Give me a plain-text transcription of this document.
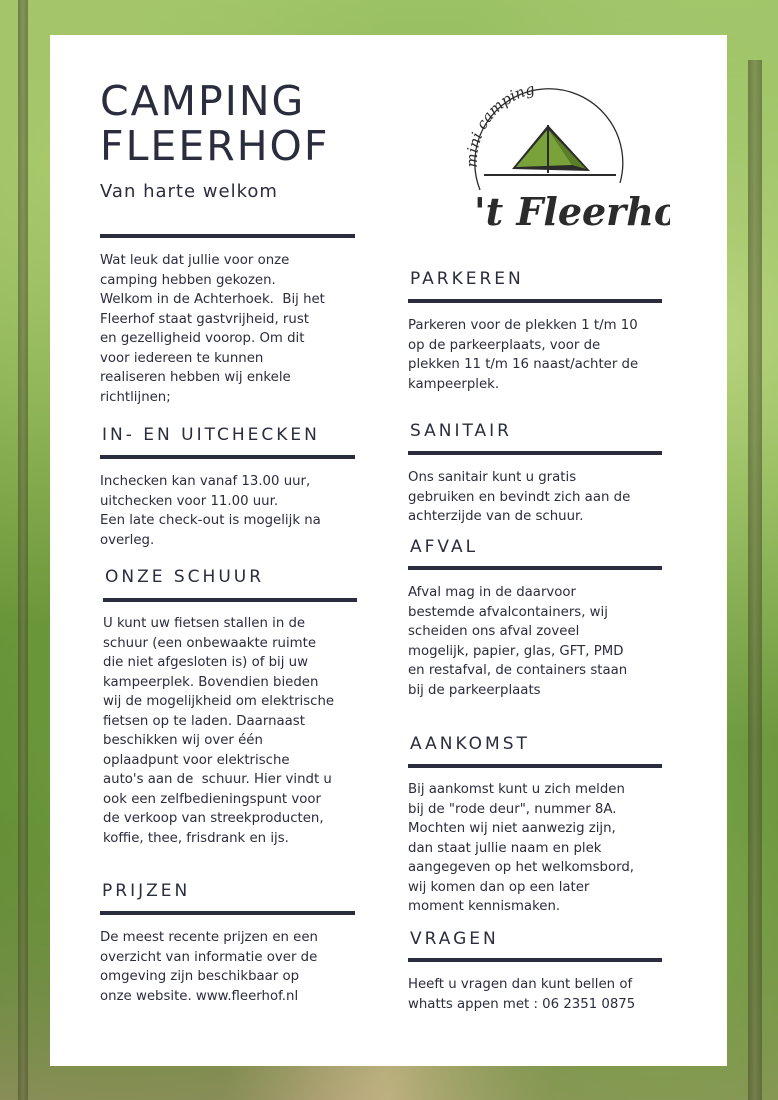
CAMPING
FLEERHOF
Van harte welkom
mini camping
't Fleerh
Wat leuk dat jullie voor onze
camping hebben gekozen.
Welkom in de Achterhoek.  Bij het
Fleerhof staat gastvrijheid, rust
en gezelligheid voorop. Om dit
voor iedereen te kunnen
realiseren hebben wij enkele
richtlijnen;
IN- EN UITCHECKEN
Inchecken kan vanaf 13.00 uur,
uitchecken voor 11.00 uur.
Een late check-out is mogelijk na
overleg.
ONZE SCHUUR
U kunt uw fietsen stallen in de
schuur (een onbewaakte ruimte
die niet afgesloten is) of bij uw
kampeerplek. Bovendien bieden
wij de mogelijkheid om elektrische
fietsen op te laden. Daarnaast
beschikken wij over één
oplaadpunt voor elektrische
auto's aan de  schuur. Hier vindt u
ook een zelfbedieningspunt voor
de verkoop van streekproducten,
koffie, thee, frisdrank en ijs.
PRIJZEN
De meest recente prijzen en een
overzicht van informatie over de
omgeving zijn beschikbaar op
onze website. www.fleerhof.nl
PARKEREN
Parkeren voor de plekken 1 t/m 10
op de parkeerplaats, voor de
plekken 11 t/m 16 naast/achter de
kampeerplek.
SANITAIR
Ons sanitair kunt u gratis
gebruiken en bevindt zich aan de
achterzijde van de schuur.
AFVAL
Afval mag in de daarvoor
bestemde afvalcontainers, wij
scheiden ons afval zoveel
mogelijk, papier, glas, GFT, PMD
en restafval, de containers staan
bij de parkeerplaats
AANKOMST
Bij aankomst kunt u zich melden
bij de "rode deur", nummer 8A.
Mochten wij niet aanwezig zijn,
dan staat jullie naam en plek
aangegeven op het welkomsbord,
wij komen dan op een later
moment kennismaken.
VRAGEN
Heeft u vragen dan kunt bellen of
whatts appen met : 06 2351 0875
